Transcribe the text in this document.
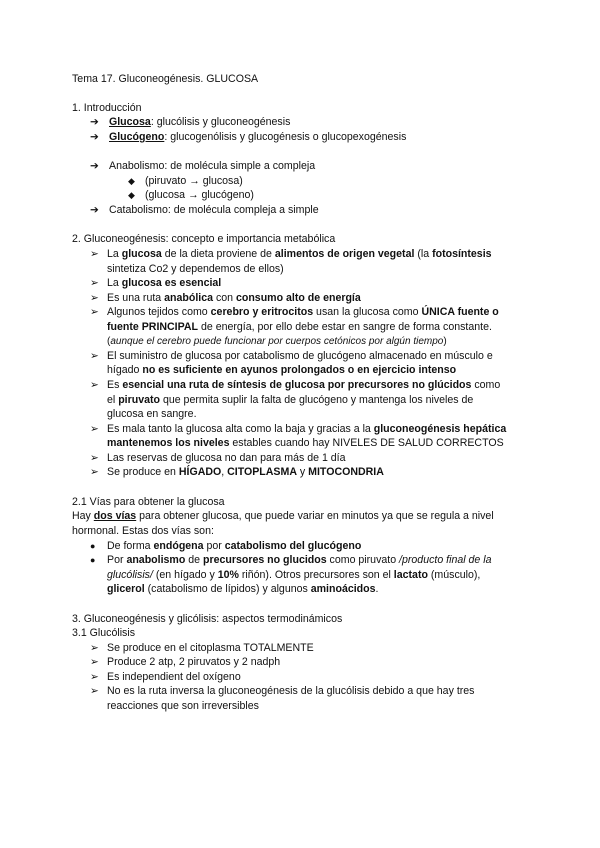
Tema 17. Gluconeogénesis. GLUCOSA
1. Introducción
➔ Glucosa: glucólisis y gluconeogénesis
➔ Glucógeno: glucogenólisis y glucogénesis o glucopexogénesis
➔ Anabolismo: de molécula simple a compleja
◆ (piruvato → glucosa)
◆ (glucosa → glucógeno)
➔ Catabolismo: de molécula compleja a simple
2. Gluconeogénesis: concepto e importancia metabólica
➢ La glucosa de la dieta proviene de alimentos de origen vegetal (la fotosíntesis
sintetiza Co2 y dependemos de ellos)
➢ La glucosa es esencial
➢ Es una ruta anabólica con consumo alto de energía
➢ Algunos tejidos como cerebro y eritrocitos usan la glucosa como ÚNICA fuente o
fuente PRINCIPAL de energía, por ello debe estar en sangre de forma constante.
(aunque el cerebro puede funcionar por cuerpos cetónicos por algún tiempo)
➢ El suministro de glucosa por catabolismo de glucógeno almacenado en músculo e
hígado no es suficiente en ayunos prolongados o en ejercicio intenso
➢ Es esencial una ruta de síntesis de glucosa por precursores no glúcidos como
el piruvato que permita suplir la falta de glucógeno y mantenga los niveles de
glucosa en sangre.
➢ Es mala tanto la glucosa alta como la baja y gracias a la gluconeogénesis hepática
mantenemos los niveles estables cuando hay NIVELES DE SALUD CORRECTOS
➢ Las reservas de glucosa no dan para más de 1 día
➢ Se produce en HÍGADO, CITOPLASMA y MITOCONDRIA
2.1 Vías para obtener la glucosa
Hay dos vías para obtener glucosa, que puede variar en minutos ya que se regula a nivel
hormonal. Estas dos vías son:
● De forma endógena por catabolismo del glucógeno
● Por anabolismo de precursores no glucidos como piruvato /producto final de la
glucólisis/ (en hígado y 10% riñón). Otros precursores son el lactato (músculo),
glicerol (catabolismo de lípidos) y algunos aminoácidos.
3. Gluconeogénesis y glicólisis: aspectos termodinámicos
3.1 Glucólisis
➢ Se produce en el citoplasma TOTALMENTE
➢ Produce 2 atp, 2 piruvatos y 2 nadph
➢ Es independient del oxígeno
➢ No es la ruta inversa la gluconeogénesis de la glucólisis debido a que hay tres
reacciones que son irreversibles
